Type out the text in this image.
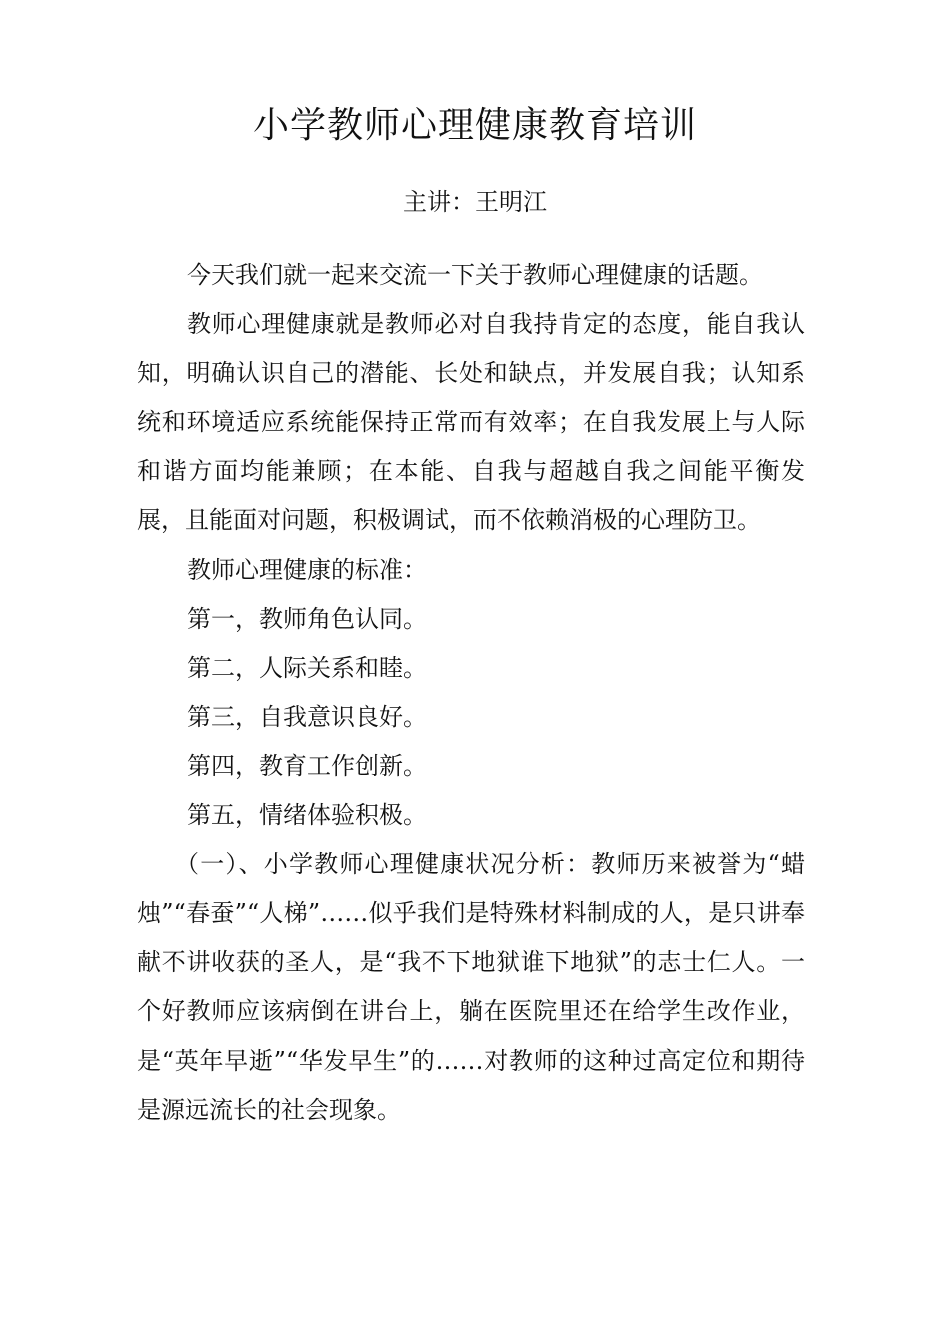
小学教师心理健康教育培训
主讲：王明江

今天我们就一起来交流一下关于教师心理健康的话题。

教师心理健康就是教师必对自我持肯定的态度，能自我认知，明确认识自己的潜能、长处和缺点，并发展自我；认知系统和环境适应系统能保持正常而有效率；在自我发展上与人际和谐方面均能兼顾；在本能、自我与超越自我之间能平衡发展，且能面对问题，积极调试，而不依赖消极的心理防卫。

教师心理健康的标准：

第一，教师角色认同。

第二，人际关系和睦。

第三，自我意识良好。

第四，教育工作创新。

第五，情绪体验积极。

（一）、小学教师心理健康状况分析：教师历来被誉为“蜡烛”“春蚕”“人梯”……似乎我们是特殊材料制成的人，是只讲奉献不讲收获的圣人，是“我不下地狱谁下地狱”的志士仁人。一个好教师应该病倒在讲台上，躺在医院里还在给学生改作业，是“英年早逝”“华发早生”的……对教师的这种过高定位和期待是源远流长的社会现象。
